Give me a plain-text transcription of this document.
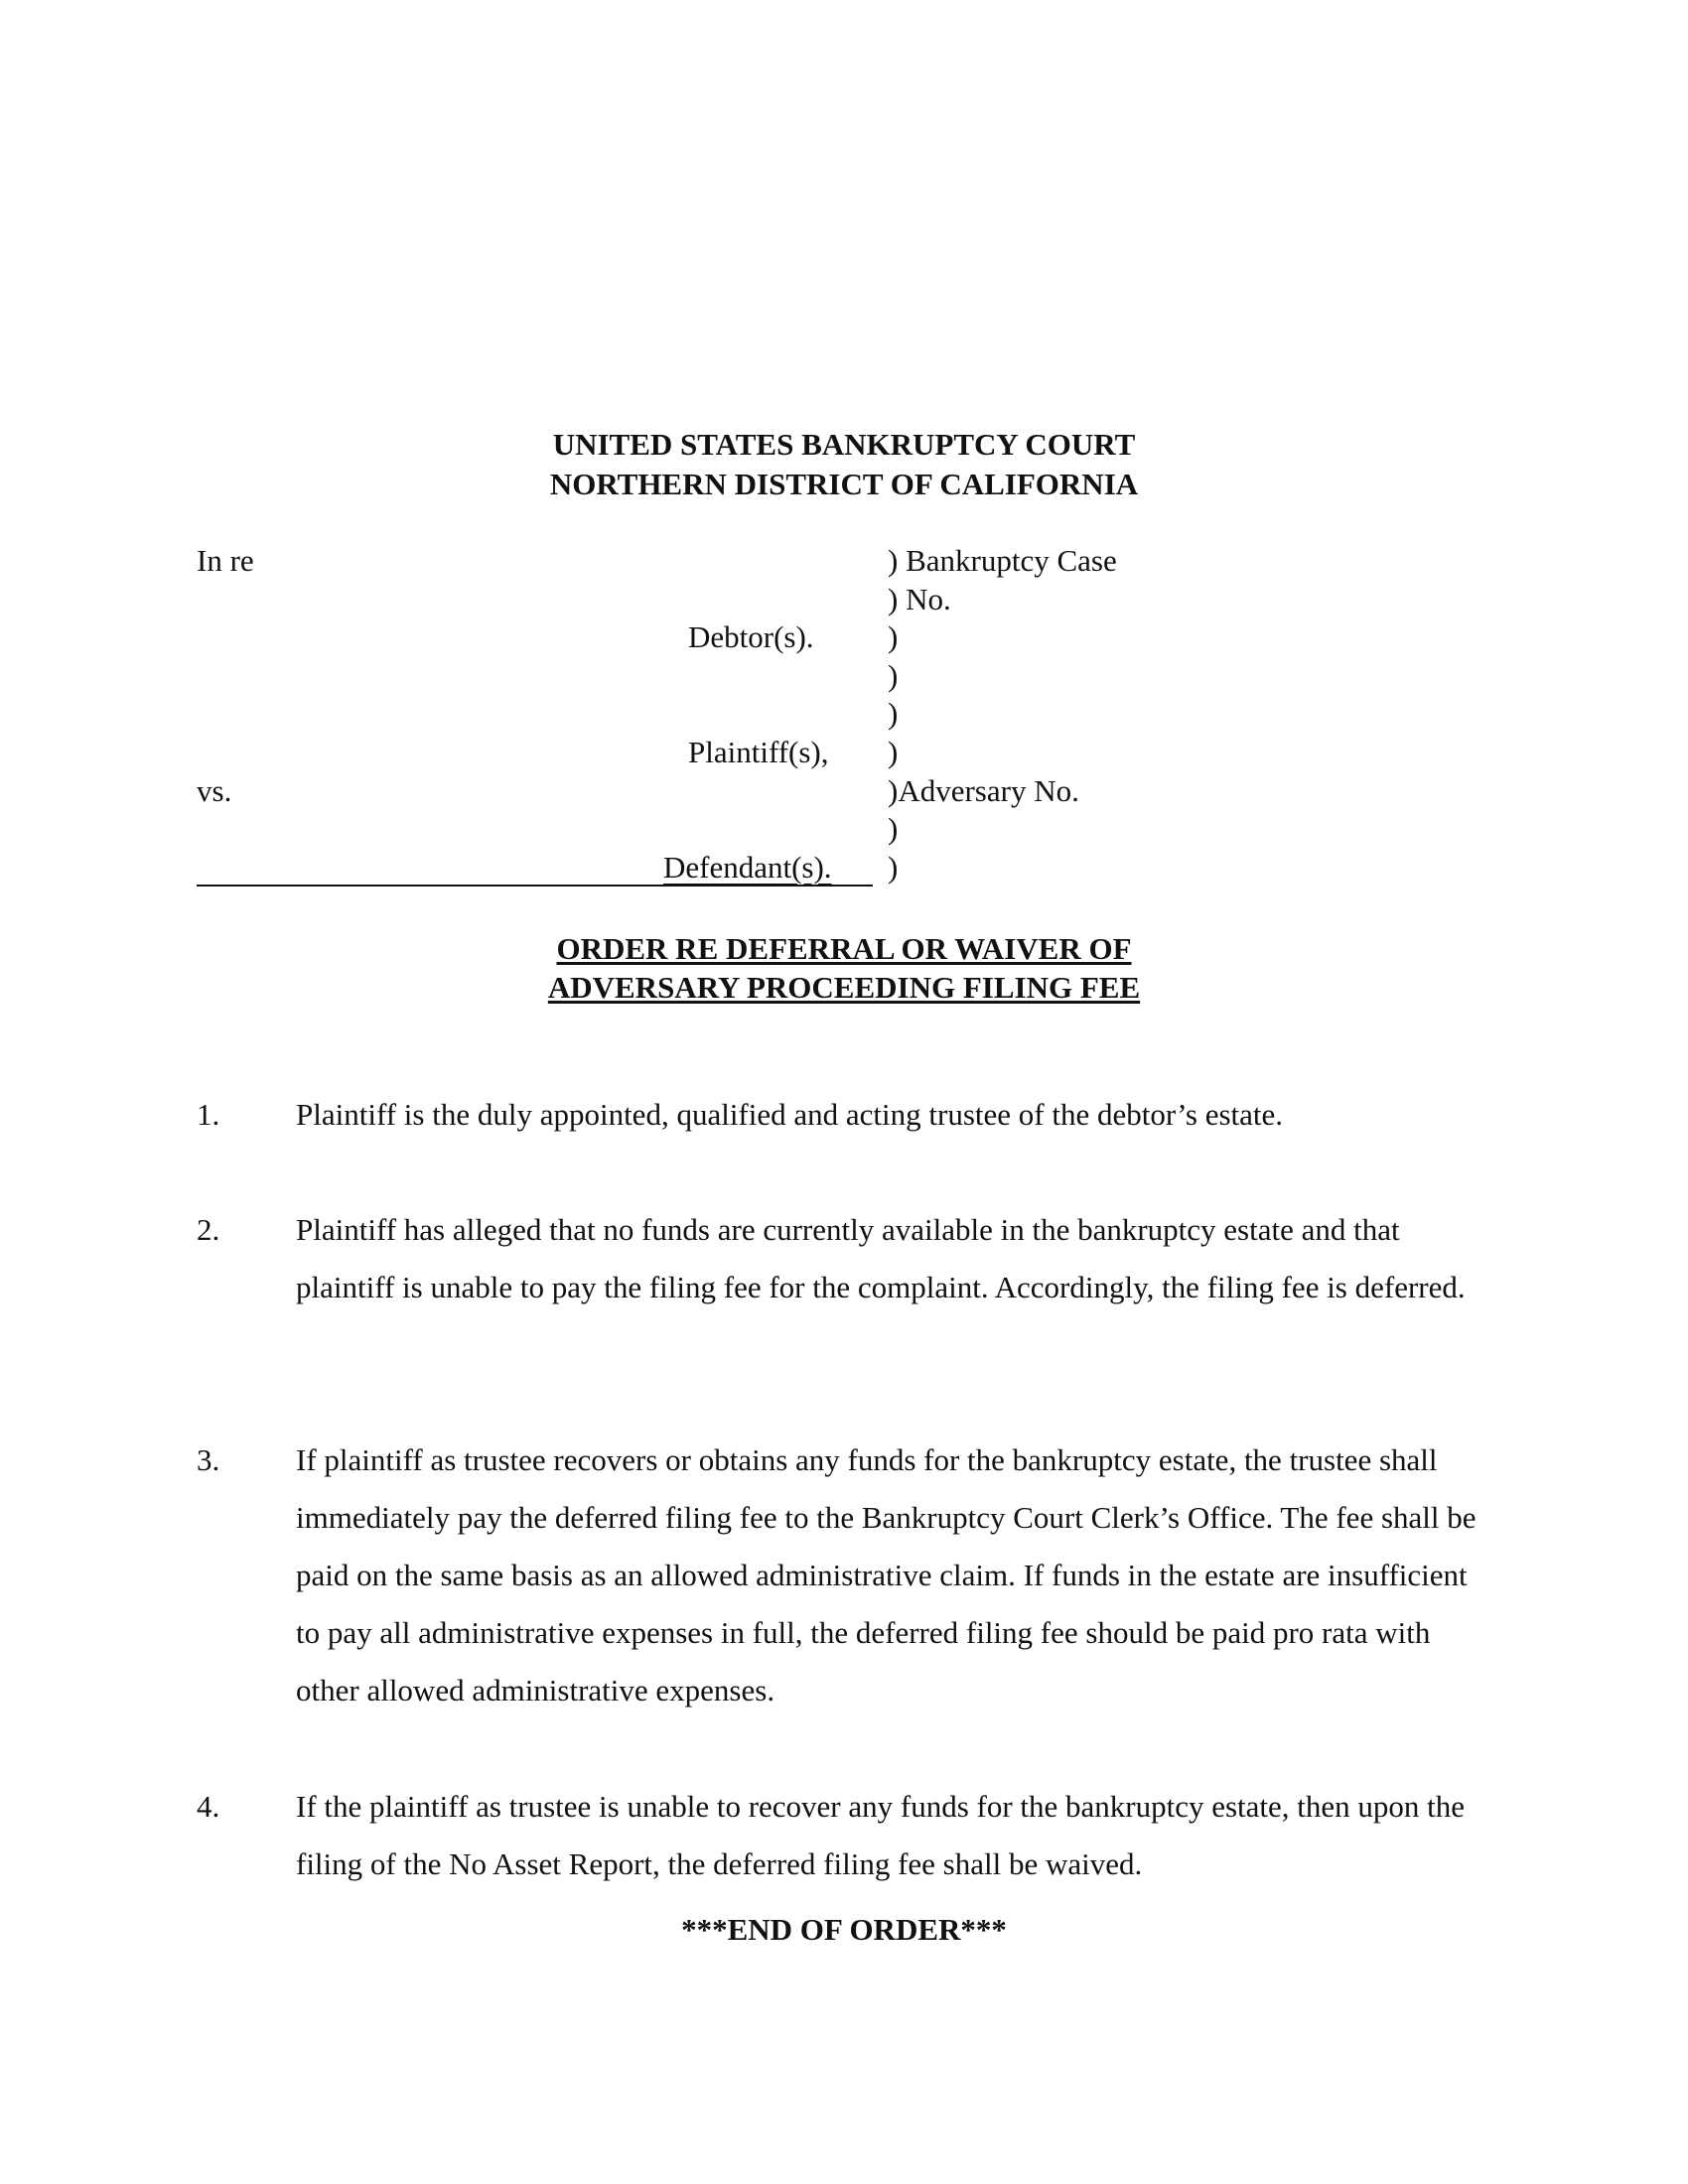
UNITED STATES BANKRUPTCY COURT
NORTHERN DISTRICT OF CALIFORNIA
In re
Debtor(s).
Plaintiff(s),
vs.
Defendant(s).
) Bankruptcy Case
) No.
)
)
)
)
)Adversary No.
)
)
ORDER RE DEFERRAL OR WAIVER OF
ADVERSARY PROCEEDING FILING FEE
1. Plaintiff is the duly appointed, qualified and acting trustee of the debtor’s estate.
2. Plaintiff has alleged that no funds are currently available in the bankruptcy estate and that plaintiff is unable to pay the filing fee for the complaint. Accordingly, the filing fee is deferred.
3. If plaintiff as trustee recovers or obtains any funds for the bankruptcy estate, the trustee shall immediately pay the deferred filing fee to the Bankruptcy Court Clerk’s Office. The fee shall be paid on the same basis as an allowed administrative claim. If funds in the estate are insufficient to pay all administrative expenses in full, the deferred filing fee should be paid pro rata with other allowed administrative expenses.
4. If the plaintiff as trustee is unable to recover any funds for the bankruptcy estate, then upon the filing of the No Asset Report, the deferred filing fee shall be waived.
***END OF ORDER***
